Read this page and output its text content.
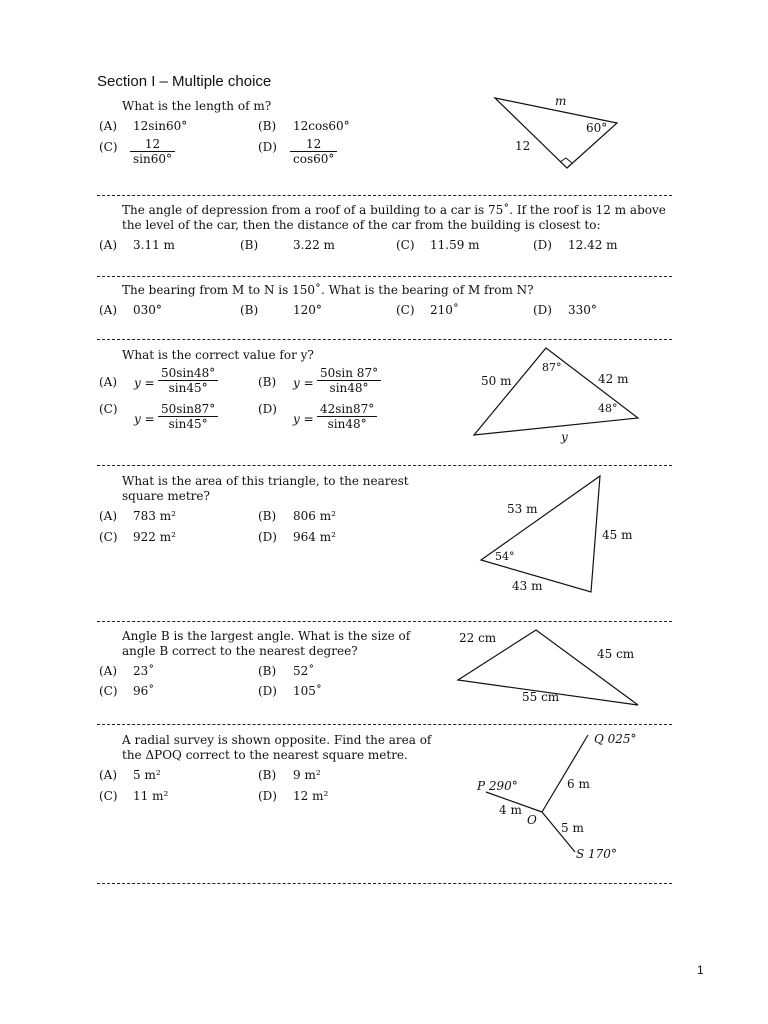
Section I – Multiple choice
What is the length of m?
(A) 12sin60°	(B) 12cos60°
$(C) \frac{12}{\sin 60^\circ}$	$(D) \frac{12}{\cos 60^\circ}$
m
60°
12
The angle of depression from a roof of a building to a car is 75˚. If the roof is 12 m above
the level of the car, then the distance of the car from the building is closest to:
(A) 3.11 m	(B)	3.22 m	(C) 11.59 m	(D) 12.42 m
The bearing from M to N is 150˚. What is the bearing of M from N?
(A) 030°	(B)	120°	(C) 210˚	(D) 330°
What is the correct value for y?
(A) $y = \frac{50\sin 48^\circ}{\sin 45^\circ}$	(B) $y = \frac{50\sin 87^\circ}{\sin 48^\circ}$
(C)
$y = \frac{50\sin 87^\circ}{\sin 45^\circ}$	(D)
$y = \frac{42\sin 87^\circ}{\sin 48^\circ}$
50 m	42 m
87°
48°
y
What is the area of this triangle, to the nearest
square metre?
(A) 783 m²	(B) 806 m²
(C) 922 m²	(D) 964 m²
53 m
45 m
43 m
54°
Angle B is the largest angle. What is the size of
angle B correct to the nearest degree?
(A) 23˚	(B) 52˚
(C) 96˚	(D) 105˚
22 cm
45 cm
55 cm
A radial survey is shown opposite. Find the area of
the ΔPOQ correct to the nearest square metre.
(A) 5 m²	(B) 9 m²
(C) 11 m²	(D) 12 m²
Q 025°
P 290°
S 170°
O
6 m
4 m
5 m
1
